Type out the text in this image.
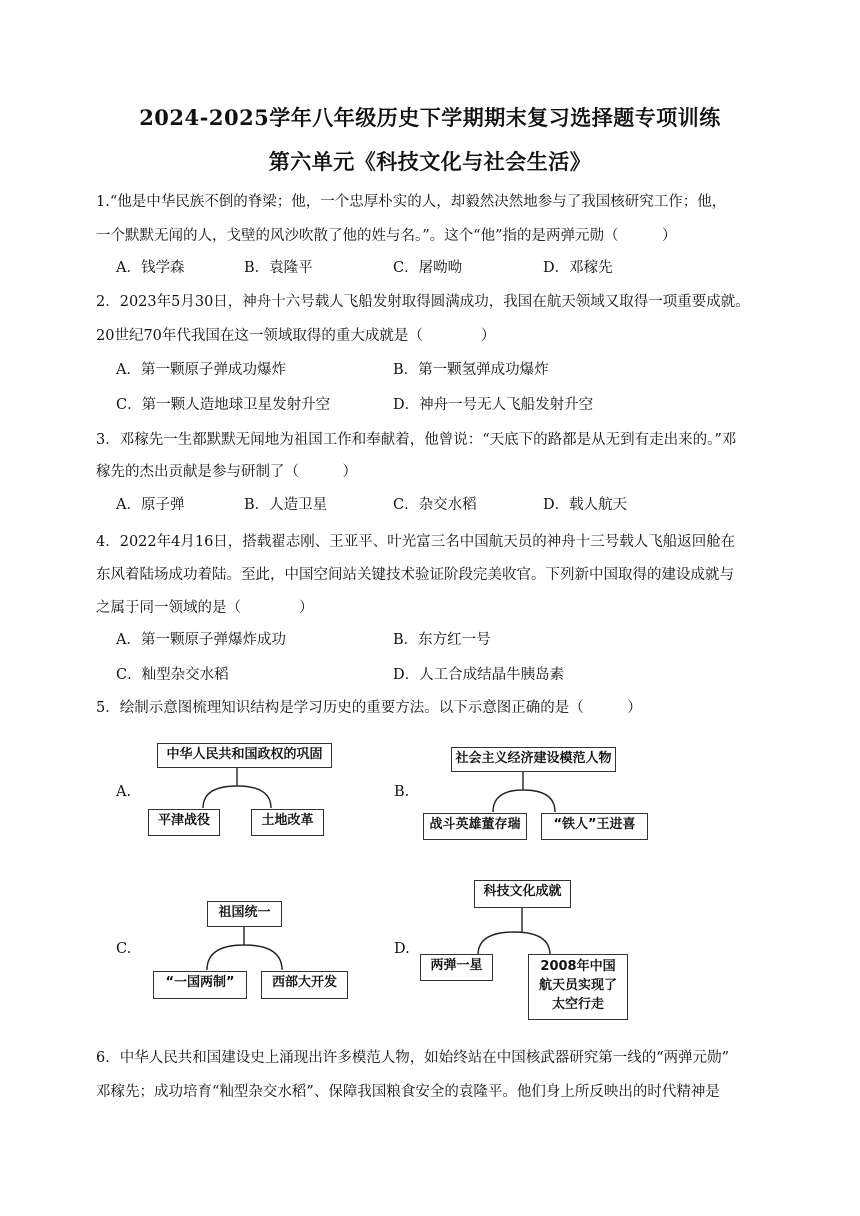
2024-2025学年八年级历史下学期期末复习选择题专项训练
第六单元《科技文化与社会生活》
1.“他是中华民族不倒的脊梁；他，一个忠厚朴实的人，却毅然决然地参与了我国核研究工作；他，
一个默默无闻的人，戈壁的风沙吹散了他的姓与名。”。这个“他”指的是两弹元勋（　　　）
A．钱学森	B．袁隆平	C．屠呦呦	D．邓稼先
2．2023年5月30日，神舟十六号载人飞船发射取得圆满成功，我国在航天领域又取得一项重要成就。
20世纪70年代我国在这一领域取得的重大成就是（　　　　）
A．第一颗原子弹成功爆炸	B．第一颗氢弹成功爆炸
C．第一颗人造地球卫星发射升空	D．神舟一号无人飞船发射升空
3．邓稼先一生都默默无闻地为祖国工作和奉献着，他曾说：“天底下的路都是从无到有走出来的。”邓
稼先的杰出贡献是参与研制了（　　　）
A．原子弹	B．人造卫星	C．杂交水稻	D．载人航天
4．2022年4月16日，搭载翟志刚、王亚平、叶光富三名中国航天员的神舟十三号载人飞船返回舱在
东风着陆场成功着陆。至此，中国空间站关键技术验证阶段完美收官。下列新中国取得的建设成就与
之属于同一领域的是（　　　　）
A．第一颗原子弹爆炸成功	B．东方红一号
C．籼型杂交水稻	D．人工合成结晶牛胰岛素
5．绘制示意图梳理知识结构是学习历史的重要方法。以下示意图正确的是（　　　）
A.
中华人民共和国政权的巩固
平津战役	土地改革
B.
社会主义经济建设模范人物
战斗英雄董存瑞	“铁人”王进喜
C.
祖国统一
“一国两制”	西部大开发
D.
科技文化成就
两弹一星	2008年中国航天员实现了太空行走
6．中华人民共和国建设史上涌现出许多模范人物，如始终站在中国核武器研究第一线的“两弹元勋”
邓稼先；成功培育“籼型杂交水稻”、保障我国粮食安全的袁隆平。他们身上所反映出的时代精神是
